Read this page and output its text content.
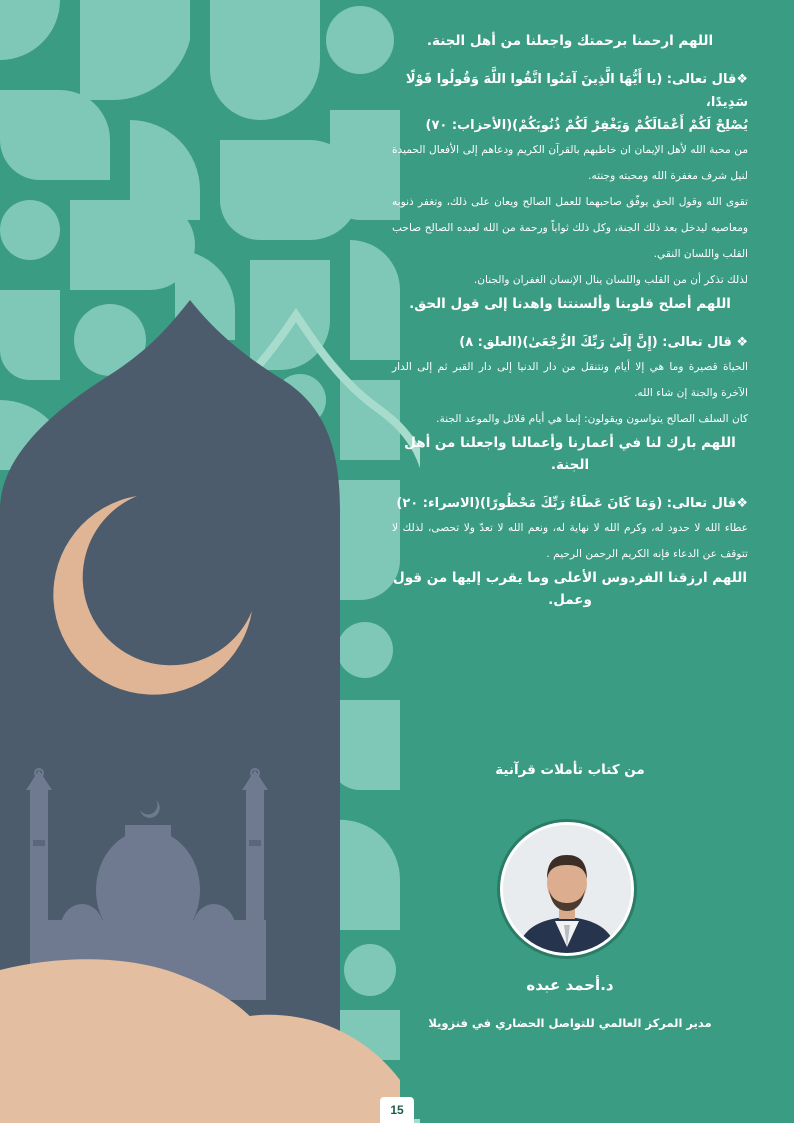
اللهم ارحمنا برحمتك واجعلنا من أهل الجنة.

❖قال تعالى: (يا أَيُّهَا الَّذِينَ آمَنُوا اتَّقُوا اللَّهَ وَقُولُوا قَوْلًا سَدِيدًا،

يُصْلِحْ لَكُمْ أَعْمَالَكُمْ وَيَغْفِرْ لَكُمْ ذُنُوبَكُمْ)(الأحزاب: ٧٠)

من محبة الله لأهل الإيمان ان خاطبهم بالقرآن الكريم ودعاهم إلى الأفعال الحميدة لنيل شرف مغفرة الله ومحبته وجنته.

تقوى الله وقول الحق يوفّق صاحبهما للعمل الصالح ويعان على ذلك، وتغفر ذنوبه ومعاصيه ليدخل بعد ذلك الجنة، وكل ذلك ثواباً ورحمة من الله لعبده الصالح صاحب القلب واللسان النقي.

لذلك تذكر أن من القلب واللسان ينال الإنسان الغفران والجنان.

اللهم أصلح قلوبنا وألسنتنا واهدنا إلى قول الحق.

❖ قال تعالى: (إِنَّ إِلَىٰ رَبِّكَ الرُّجْعَىٰ)(العلق: ٨)

الحياة قصيرة وما هي إلا أيام ونتنقل من دار الدنيا إلى دار القبر ثم إلى الدار الآخرة والجنة إن شاء الله.

كان السلف الصالح يتواسون ويقولون: إنما هي أيام قلائل والموعد الجنة.

اللهم بارك لنا في أعمارنا وأعمالنا واجعلنا من أهل الجنة.

❖قال تعالى: (وَمَا كَانَ عَطَاءُ رَبِّكَ مَحْظُورًا)(الاسراء: ٢٠)

عطاء الله لا حدود له، وكرم الله لا نهاية له، ونعم الله لا تعدّ ولا تحصى، لذلك لا تتوقف عن الدعاء فإنه الكريم الرحمن الرحيم .

اللهم ارزقنا الفردوس الأعلى وما يقرب إليها من قول وعمل.

من كتاب تأملات قرآنية
د.أحمد عبده
مدير المركز العالمي للتواصل الحضاري في فنزويلا
15
